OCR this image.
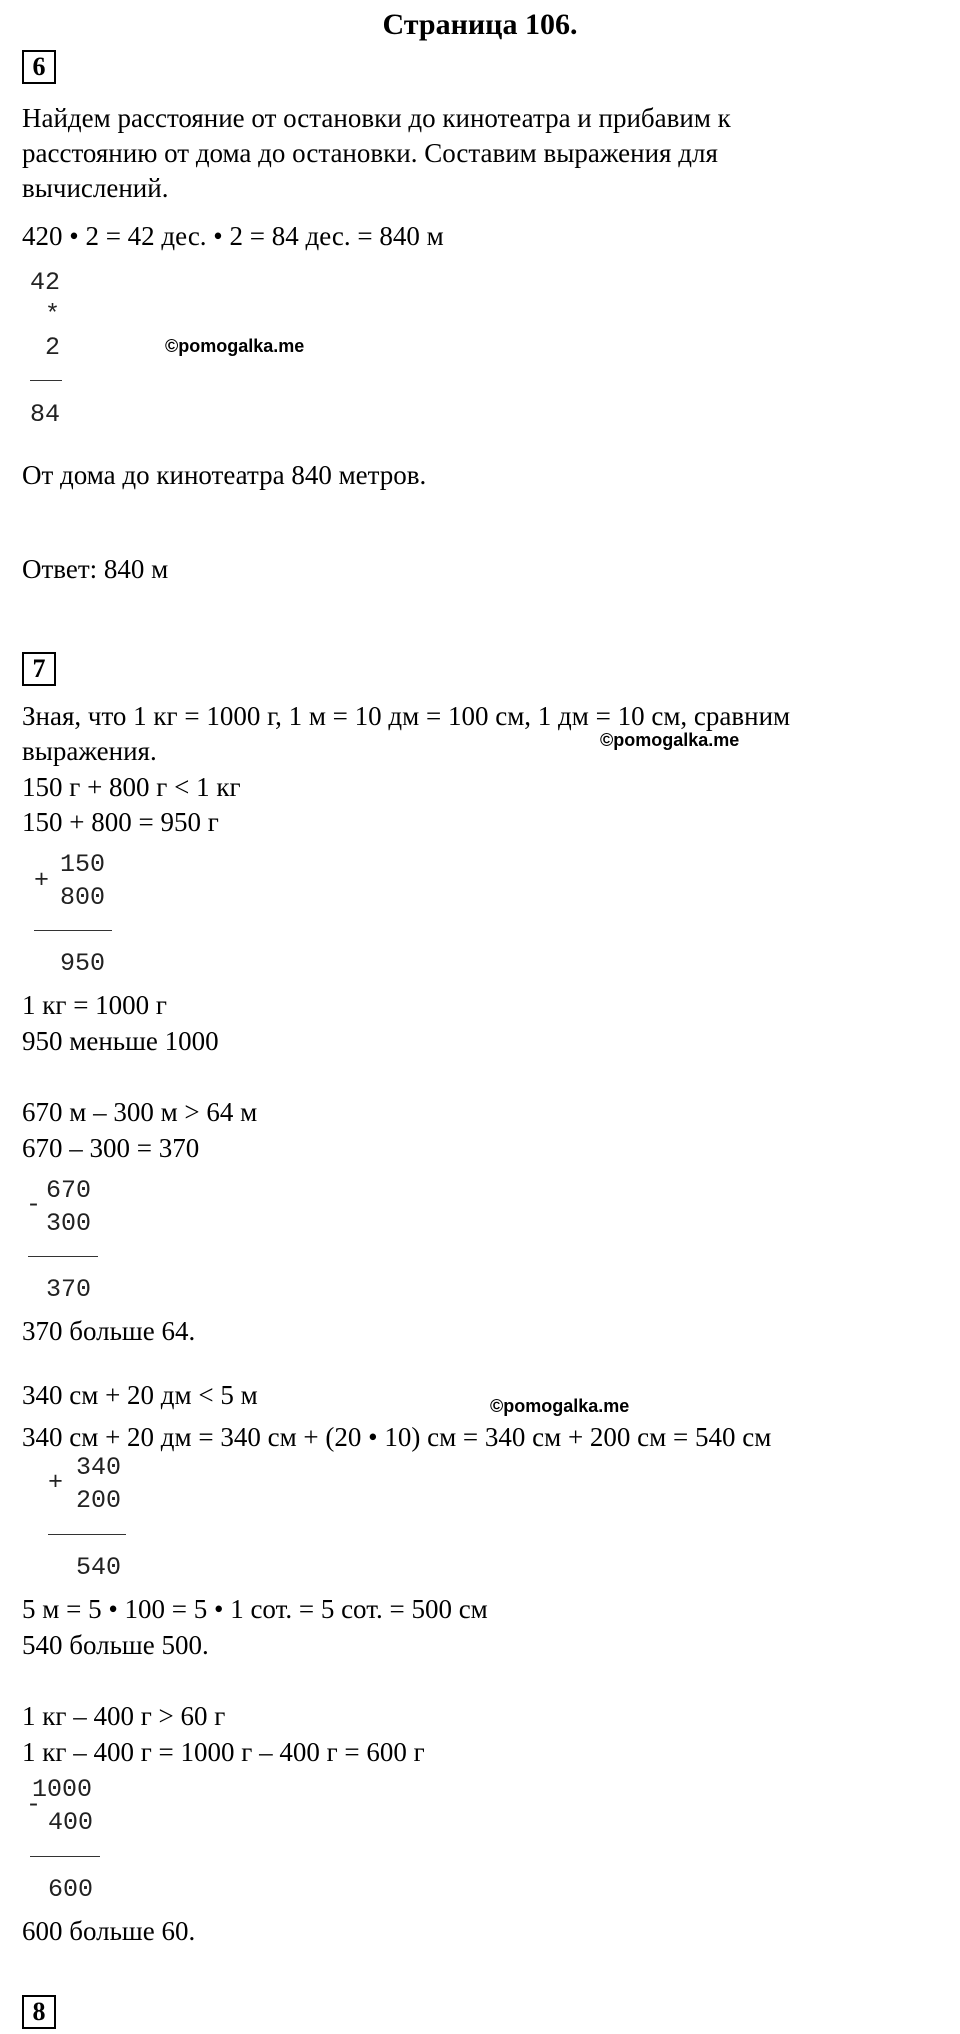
Страница 106.
6
Найдем расстояние от остановки до кинотеатра и прибавим к
расстоянию от дома до остановки. Составим выражения для
вычислений.
420 • 2 = 42 дес. • 2 = 84 дес. = 840 м
42
*
2
84
©pomogalka.me
От дома до кинотеатра 840 метров.
Ответ: 840 м
7
Зная, что 1 кг = 1000 г, 1 м = 10 дм = 100 см, 1 дм = 10 см, сравним
выражения.	©pomogalka.me
150 г + 800 г < 1 кг
150 + 800 = 950 г
+
150
800
950
1 кг = 1000 г
950 меньше 1000
670 м – 300 м > 64 м
670 – 300 = 370
- 670
300
370
370 больше 64.
340 см + 20 дм < 5 м	©pomogalka.me
340 см + 20 дм = 340 см + (20 • 10) см = 340 см + 200 см = 540 см
+
340
200
540
5 м = 5 • 100 = 5 • 1 сот. = 5 сот. = 500 см
540 больше 500.
1 кг – 400 г > 60 г
1 кг – 400 г = 1000 г – 400 г = 600 г
-
1000
400
600
600 больше 60.
8
